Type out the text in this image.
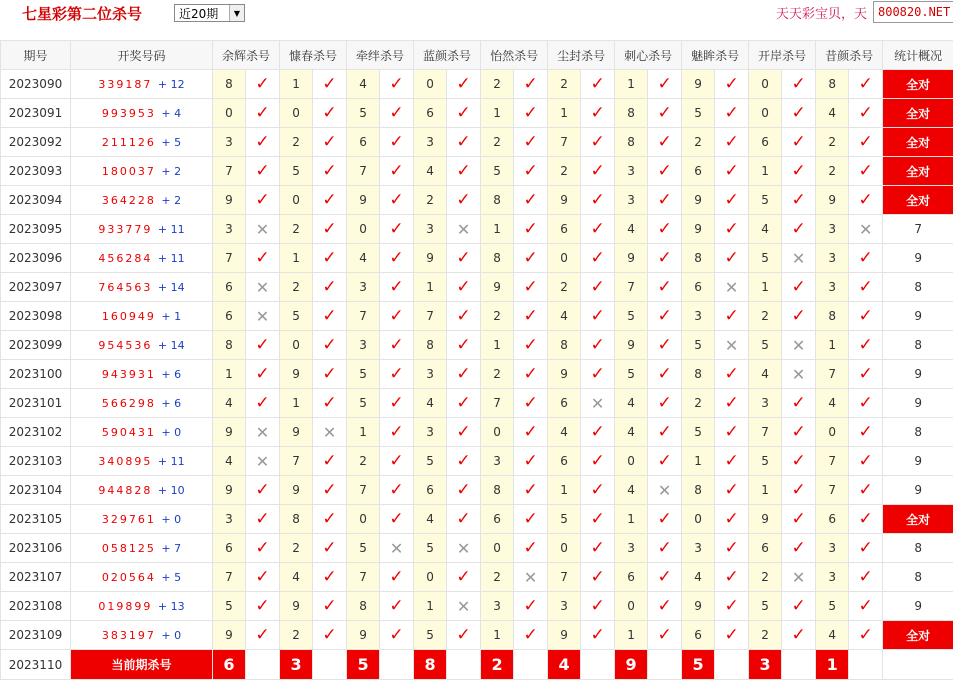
七星彩第二位杀号	近20期	▼	天天彩宝贝，天 800820.NET
期号	开奖号码	余辉杀号		慷春杀号		牵绊杀号		蓝颜杀号		怡然杀号		尘封杀号		刺心杀号		魅眸杀号		开岸杀号		昔颜杀号		统计概况
2023090	339187 + 12	8	✓	1	✓	4	✓	0	✓	2	✓	2	✓	1	✓	9	✓	0	✓	8	✓	全对
2023091	993953 + 4	0	✓	0	✓	5	✓	6	✓	1	✓	1	✓	8	✓	5	✓	0	✓	4	✓	全对
2023092	211126 + 5	3	✓	2	✓	6	✓	3	✓	2	✓	7	✓	8	✓	2	✓	6	✓	2	✓	全对
2023093	180037 + 2	7	✓	5	✓	7	✓	4	✓	5	✓	2	✓	3	✓	6	✓	1	✓	2	✓	全对
2023094	364228 + 2	9	✓	0	✓	9	✓	2	✓	8	✓	9	✓	3	✓	9	✓	5	✓	9	✓	全对
2023095	933779 + 11	3	✕	2	✓	0	✓	3	✕	1	✓	6	✓	4	✓	9	✓	4	✓	3	✕	7
2023096	456284 + 11	7	✓	1	✓	4	✓	9	✓	8	✓	0	✓	9	✓	8	✓	5	✕	3	✓	9
2023097	764563 + 14	6	✕	2	✓	3	✓	1	✓	9	✓	2	✓	7	✓	6	✕	1	✓	3	✓	8
2023098	160949 + 1	6	✕	5	✓	7	✓	7	✓	2	✓	4	✓	5	✓	3	✓	2	✓	8	✓	9
2023099	954536 + 14	8	✓	0	✓	3	✓	8	✓	1	✓	8	✓	9	✓	5	✕	5	✕	1	✓	8
2023100	943931 + 6	1	✓	9	✓	5	✓	3	✓	2	✓	9	✓	5	✓	8	✓	4	✕	7	✓	9
2023101	566298 + 6	4	✓	1	✓	5	✓	4	✓	7	✓	6	✕	4	✓	2	✓	3	✓	4	✓	9
2023102	590431 + 0	9	✕	9	✕	1	✓	3	✓	0	✓	4	✓	4	✓	5	✓	7	✓	0	✓	8
2023103	340895 + 11	4	✕	7	✓	2	✓	5	✓	3	✓	6	✓	0	✓	1	✓	5	✓	7	✓	9
2023104	944828 + 10	9	✓	9	✓	7	✓	6	✓	8	✓	1	✓	4	✕	8	✓	1	✓	7	✓	9
2023105	329761 + 0	3	✓	8	✓	0	✓	4	✓	6	✓	5	✓	1	✓	0	✓	9	✓	6	✓	全对
2023106	058125 + 7	6	✓	2	✓	5	✕	5	✕	0	✓	0	✓	3	✓	3	✓	6	✓	3	✓	8
2023107	020564 + 5	7	✓	4	✓	7	✓	0	✓	2	✕	7	✓	6	✓	4	✓	2	✕	3	✓	8
2023108	019899 + 13	5	✓	9	✓	8	✓	1	✕	3	✓	3	✓	0	✓	9	✓	5	✓	5	✓	9
2023109	383197 + 0	9	✓	2	✓	9	✓	5	✓	1	✓	9	✓	1	✓	6	✓	2	✓	4	✓	全对
2023110	当前期杀号	6		3		5		8		2		4		9		5		3		1		
